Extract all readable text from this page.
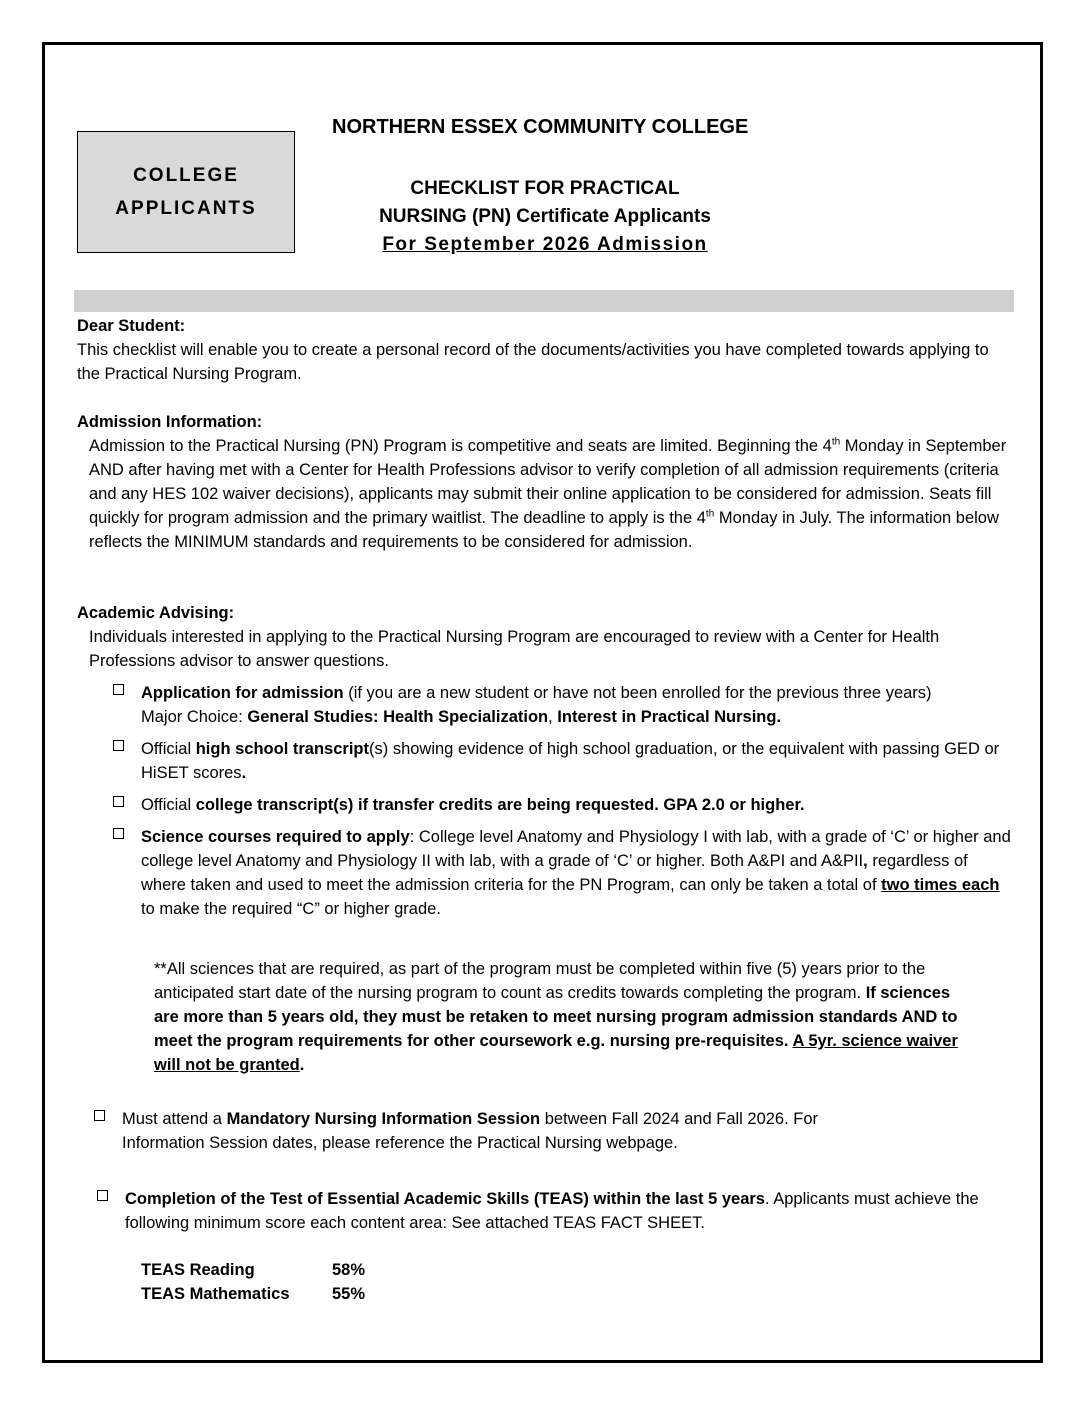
COLLEGE
APPLICANTS
NORTHERN ESSEX COMMUNITY COLLEGE
CHECKLIST FOR PRACTICAL
NURSING (PN) Certificate Applicants
For September 2026 Admission
Dear Student:
This checklist will enable you to create a personal record of the documents/activities you have completed towards applying to the Practical Nursing Program.
Admission Information:
Admission to the Practical Nursing (PN) Program is competitive and seats are limited. Beginning the 4th Monday in September AND after having met with a Center for Health Professions advisor to verify completion of all admission requirements (criteria and any HES 102 waiver decisions), applicants may submit their online application to be considered for admission. Seats fill quickly for program admission and the primary waitlist. The deadline to apply is the 4th Monday in July. The information below reflects the MINIMUM standards and requirements to be considered for admission.
Academic Advising:
Individuals interested in applying to the Practical Nursing Program are encouraged to review with a Center for Health Professions advisor to answer questions.
Application for admission (if you are a new student or have not been enrolled for the previous three years)
Major Choice: General Studies: Health Specialization, Interest in Practical Nursing.
Official high school transcript(s) showing evidence of high school graduation, or the equivalent with passing GED or HiSET scores.
Official college transcript(s) if transfer credits are being requested. GPA 2.0 or higher.
Science courses required to apply: College level Anatomy and Physiology I with lab, with a grade of ‘C’ or higher and college level Anatomy and Physiology II with lab, with a grade of ‘C’ or higher. Both A&PI and A&PII, regardless of where taken and used to meet the admission criteria for the PN Program, can only be taken a total of two times each to make the required “C” or higher grade.
**All sciences that are required, as part of the program must be completed within five (5) years prior to the anticipated start date of the nursing program to count as credits towards completing the program. If sciences are more than 5 years old, they must be retaken to meet nursing program admission standards AND to meet the program requirements for other coursework e.g. nursing pre-requisites. A 5yr. science waiver will not be granted.
Must attend a Mandatory Nursing Information Session between Fall 2024 and Fall 2026. For Information Session dates, please reference the Practical Nursing webpage.
Completion of the Test of Essential Academic Skills (TEAS) within the last 5 years. Applicants must achieve the following minimum score each content area: See attached TEAS FACT SHEET.
TEAS Reading	58%
TEAS Mathematics	55%
